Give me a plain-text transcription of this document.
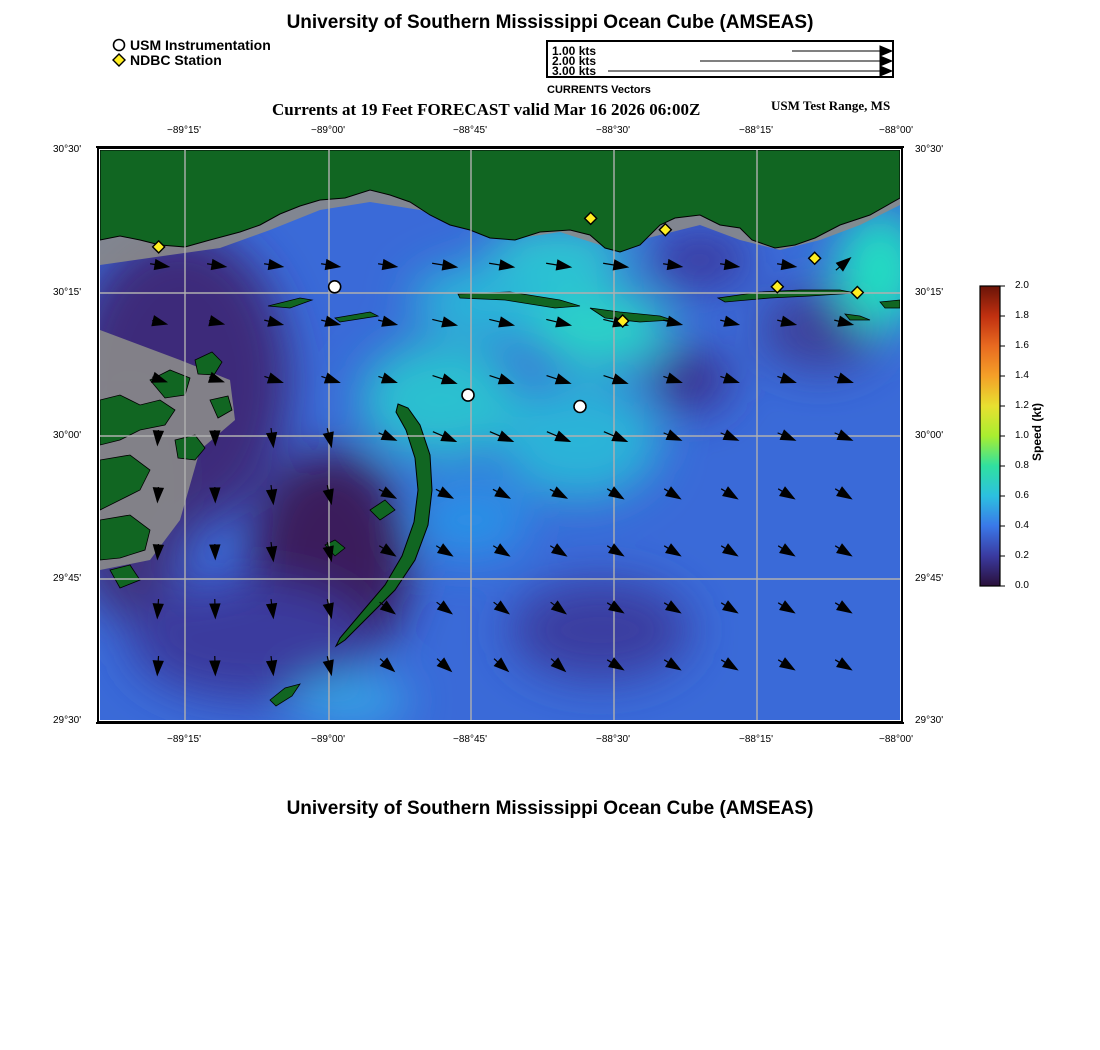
University of Southern Mississippi Ocean Cube (AMSEAS)
USM Instrumentation
NDBC Station
1.00 kts
2.00 kts
3.00 kts
CURRENTS Vectors
Currents at 19 Feet FORECAST valid Mar 16 2026 06:00Z	USM Test Range, MS
−89°15'	−89°00'	−88°45'	−88°30'	−88°15'	−88°00'
−89°15'	−89°00'	−88°45'	−88°30'	−88°15'	−88°00'
30°30'
30°15'
30°00'
29°45'
29°30'
30°30'
30°15'
30°00'
29°45'
29°30'
2.0
1.8
1.6
1.4
1.2
1.0
0.8
0.6
0.4
0.2
0.0
Speed (kt)
University of Southern Mississippi Ocean Cube (AMSEAS)
